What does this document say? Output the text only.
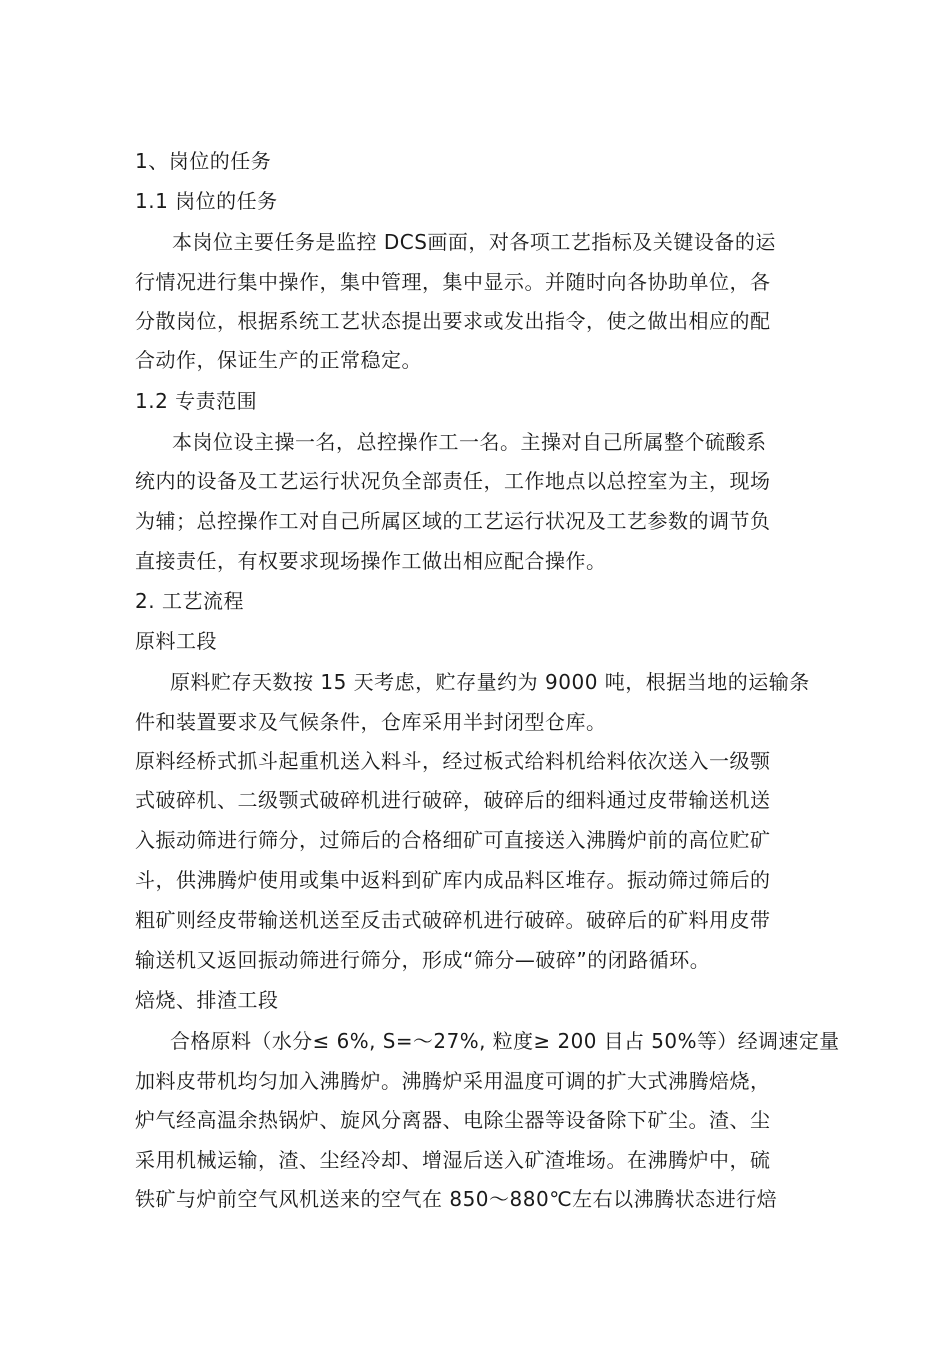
1、岗位的任务
1.1 岗位的任务
本岗位主要任务是监控 DCS画面，对各项工艺指标及关键设备的运
行情况进行集中操作，集中管理，集中显示。并随时向各协助单位，各
分散岗位，根据系统工艺状态提出要求或发出指令，使之做出相应的配
合动作，保证生产的正常稳定。
1.2 专责范围
本岗位设主操一名，总控操作工一名。主操对自己所属整个硫酸系
统内的设备及工艺运行状况负全部责任，工作地点以总控室为主，现场
为辅；总控操作工对自己所属区域的工艺运行状况及工艺参数的调节负
直接责任，有权要求现场操作工做出相应配合操作。
2. 工艺流程
原料工段
原料贮存天数按 15 天考虑，贮存量约为 9000 吨，根据当地的运输条
件和装置要求及气候条件，仓库采用半封闭型仓库。
原料经桥式抓斗起重机送入料斗，经过板式给料机给料依次送入一级颚
式破碎机、二级颚式破碎机进行破碎，破碎后的细料通过皮带输送机送
入振动筛进行筛分，过筛后的合格细矿可直接送入沸腾炉前的高位贮矿
斗，供沸腾炉使用或集中返料到矿库内成品料区堆存。振动筛过筛后的
粗矿则经皮带输送机送至反击式破碎机进行破碎。破碎后的矿料用皮带
输送机又返回振动筛进行筛分，形成“筛分—破碎”的闭路循环。
焙烧、排渣工段
合格原料（水分≤ 6%, S=～27%, 粒度≥ 200 目占 50%等）经调速定量
加料皮带机均匀加入沸腾炉。沸腾炉采用温度可调的扩大式沸腾焙烧，
炉气经高温余热锅炉、旋风分离器、电除尘器等设备除下矿尘。渣、尘
采用机械运输，渣、尘经冷却、增湿后送入矿渣堆场。在沸腾炉中，硫
铁矿与炉前空气风机送来的空气在 850～880℃左右以沸腾状态进行焙
